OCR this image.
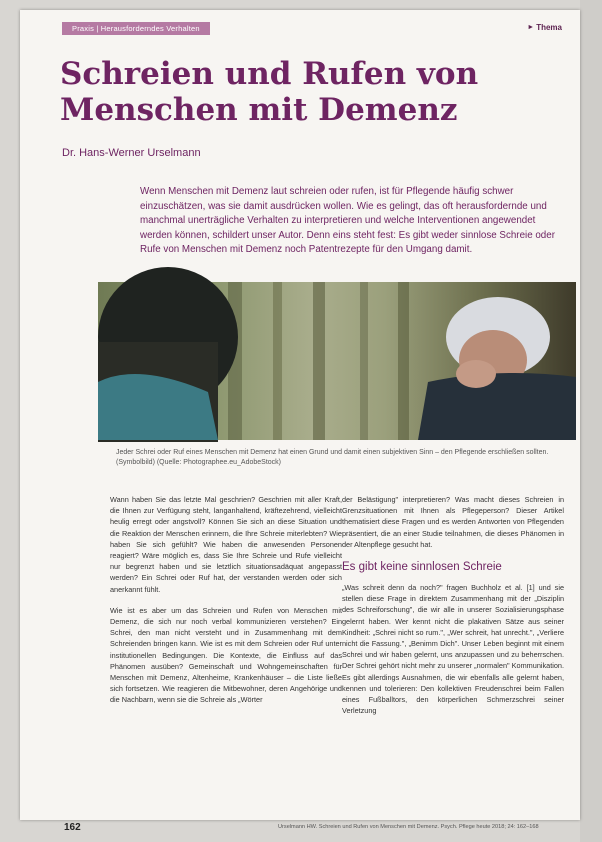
Praxis | Herausforderndes Verhalten	► Thema
Schreien und Rufen von
Menschen mit Demenz
Dr. Hans-Werner Urselmann

Wenn Menschen mit Demenz laut schreien oder rufen, ist für Pflegende häufig schwer einzuschätzen, was sie damit ausdrücken wollen. Wie es gelingt, das oft herausfordernde und manchmal unerträgliche Verhalten zu interpretieren und welche Interventionen angewendet werden können, schildert unser Autor. Denn eins steht fest: Es gibt weder sinnlose Schreie oder Rufe von Menschen mit Demenz noch Patentrezepte für den Umgang damit.

Jeder Schrei oder Ruf eines Menschen mit Demenz hat einen Grund und damit einen subjektiven Sinn – den Pflegende erschließen sollten. (Symbolbild) (Quelle: Photographee.eu_AdobeStock)

Wann haben Sie das letzte Mal geschrien? Geschrien mit aller Kraft, die Ihnen zur Verfügung steht, langanhaltend, kräftezehrend, vielleicht heulig erregt oder angstvoll? Können Sie sich an diese Situation und die Reaktion der Menschen erinnern, die Ihre Schreie miterlebten? Wie haben Sie sich gefühlt? Wie haben die anwesenden Personen reagiert? Wäre möglich es, dass Sie Ihre Schreie und Rufe vielleicht nur begrenzt haben und sie letztlich situationsadäquat angepasst werden? Ein Schrei oder Ruf hat, der verstanden werden oder sich anerkannt fühlt.

Wie ist es aber um das Schreien und Rufen von Menschen mit Demenz, die sich nur noch verbal kommunizieren verstehen? Ein Schrei, den man nicht versteht und in Zusammenhang mit dem Schreienden bringen kann. Wie ist es mit dem Schreien oder Ruf unter institutionellen Bedingungen. Die Kontexte, die Einfluss auf das Phänomen ausüben? Gemeinschaft und Wohngemeinschaften für Menschen mit Demenz, Altenheime, Krankenhäuser – die Liste ließe sich fortsetzen. Wie reagieren die Mitbewohner, deren Angehörige und die Nachbarn, wenn sie die Schreie als „Wörter

der Belästigung" interpretieren? Was macht dieses Schreien in Grenzsituationen mit Ihnen als Pflegeperson? Dieser Artikel thematisiert diese Fragen und es werden Antworten von Pflegenden präsentiert, die an einer Studie teilnahmen, die dieses Phänomen in der Altenpflege gesucht hat.

Es gibt keine sinnlosen Schreie

„Was schreit denn da noch?" fragen Buchholz et al. [1] und sie stellen diese Frage in direktem Zusammenhang mit der „Disziplin des Schreiforschung", die wir alle in unserer Sozialisierungsphase gelernt haben. Wer kennt nicht die plakativen Sätze aus seiner Kindheit: „Schrei nicht so rum.", „Wer schreit, hat unrecht.", „Verliere nicht die Fassung.", „Benimm Dich". Unser Leben beginnt mit einem Schrei und wir haben gelernt, uns anzupassen und zu beherrschen. Der Schrei gehört nicht mehr zu unserer „normalen" Kommunikation. Es gibt allerdings Ausnahmen, die wir ebenfalls alle gelernt haben, kennen und tolerieren: Den kollektiven Freudenschrei beim Fallen eines Fußballtors, den körperlichen Schmerzschrei seiner Verletzung

162	Urselmann HW. Schreien und Rufen von Menschen mit Demenz. Psych. Pflege heute 2018; 24: 162–168
